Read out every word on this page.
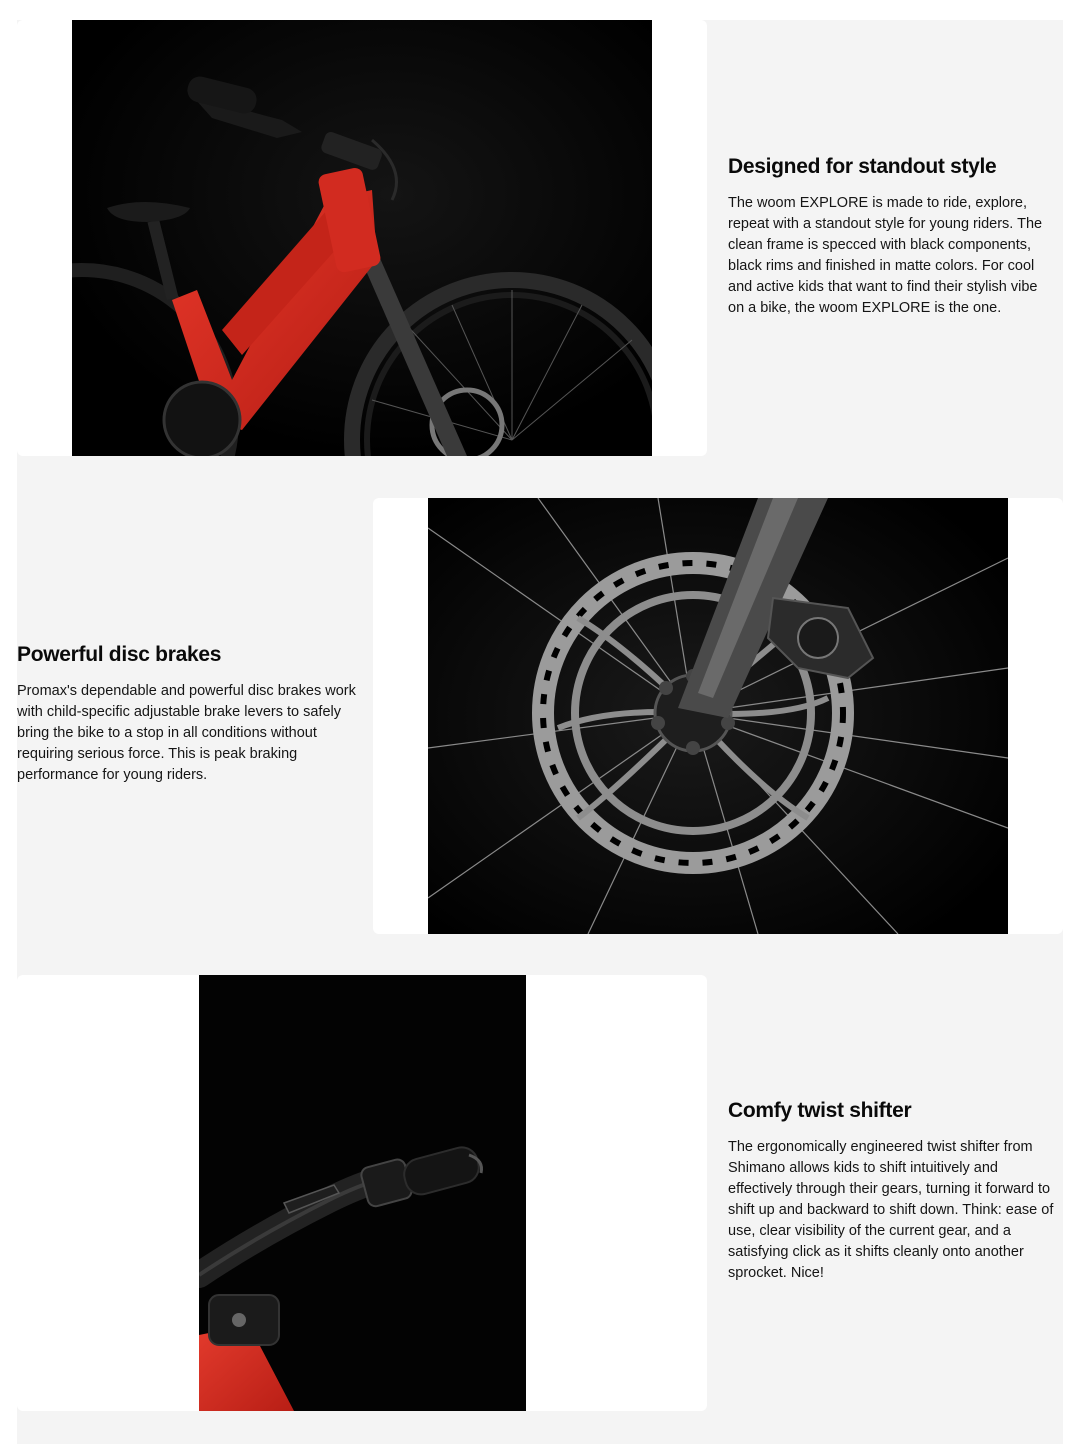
Designed for standout style

The woom EXPLORE is made to ride, explore, repeat with a standout style for young riders. The clean frame is specced with black components, black rims and finished in matte colors. For cool and active kids that want to find their stylish vibe on a bike, the woom EXPLORE is the one.

Powerful disc brakes

Promax's dependable and powerful disc brakes work with child-specific adjustable brake levers to safely bring the bike to a stop in all conditions without requiring serious force. This is peak braking performance for young riders.

Comfy twist shifter

The ergonomically engineered twist shifter from Shimano allows kids to shift intuitively and effectively through their gears, turning it forward to shift up and backward to shift down. Think: ease of use, clear visibility of the current gear, and a satisfying click as it shifts cleanly onto another sprocket. Nice!
